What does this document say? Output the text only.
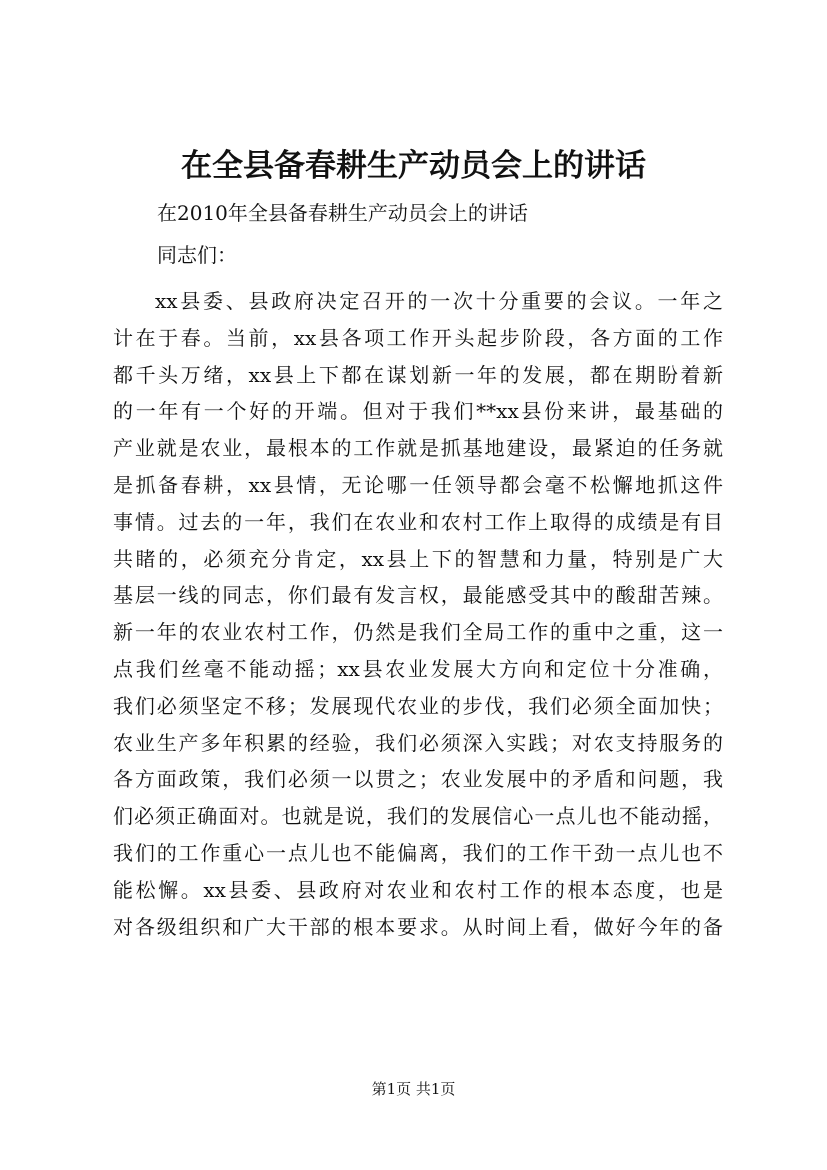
在全县备春耕生产动员会上的讲话
在2010年全县备春耕生产动员会上的讲话
同志们：
xx县委、县政府决定召开的一次十分重要的会议。一年之
计在于春。当前，xx县各项工作开头起步阶段，各方面的工作
都千头万绪，xx县上下都在谋划新一年的发展，都在期盼着新
的一年有一个好的开端。但对于我们**xx县份来讲，最基础的
产业就是农业，最根本的工作就是抓基地建设，最紧迫的任务就
是抓备春耕，xx县情，无论哪一任领导都会毫不松懈地抓这件
事情。过去的一年，我们在农业和农村工作上取得的成绩是有目
共睹的，必须充分肯定，xx县上下的智慧和力量，特别是广大
基层一线的同志，你们最有发言权，最能感受其中的酸甜苦辣。
新一年的农业农村工作，仍然是我们全局工作的重中之重，这一
点我们丝毫不能动摇；xx县农业发展大方向和定位十分准确，
我们必须坚定不移；发展现代农业的步伐，我们必须全面加快；
农业生产多年积累的经验，我们必须深入实践；对农支持服务的
各方面政策，我们必须一以贯之；农业发展中的矛盾和问题，我
们必须正确面对。也就是说，我们的发展信心一点儿也不能动摇，
我们的工作重心一点儿也不能偏离，我们的工作干劲一点儿也不
能松懈。xx县委、县政府对农业和农村工作的根本态度，也是
对各级组织和广大干部的根本要求。从时间上看，做好今年的备
第1页 共1页
